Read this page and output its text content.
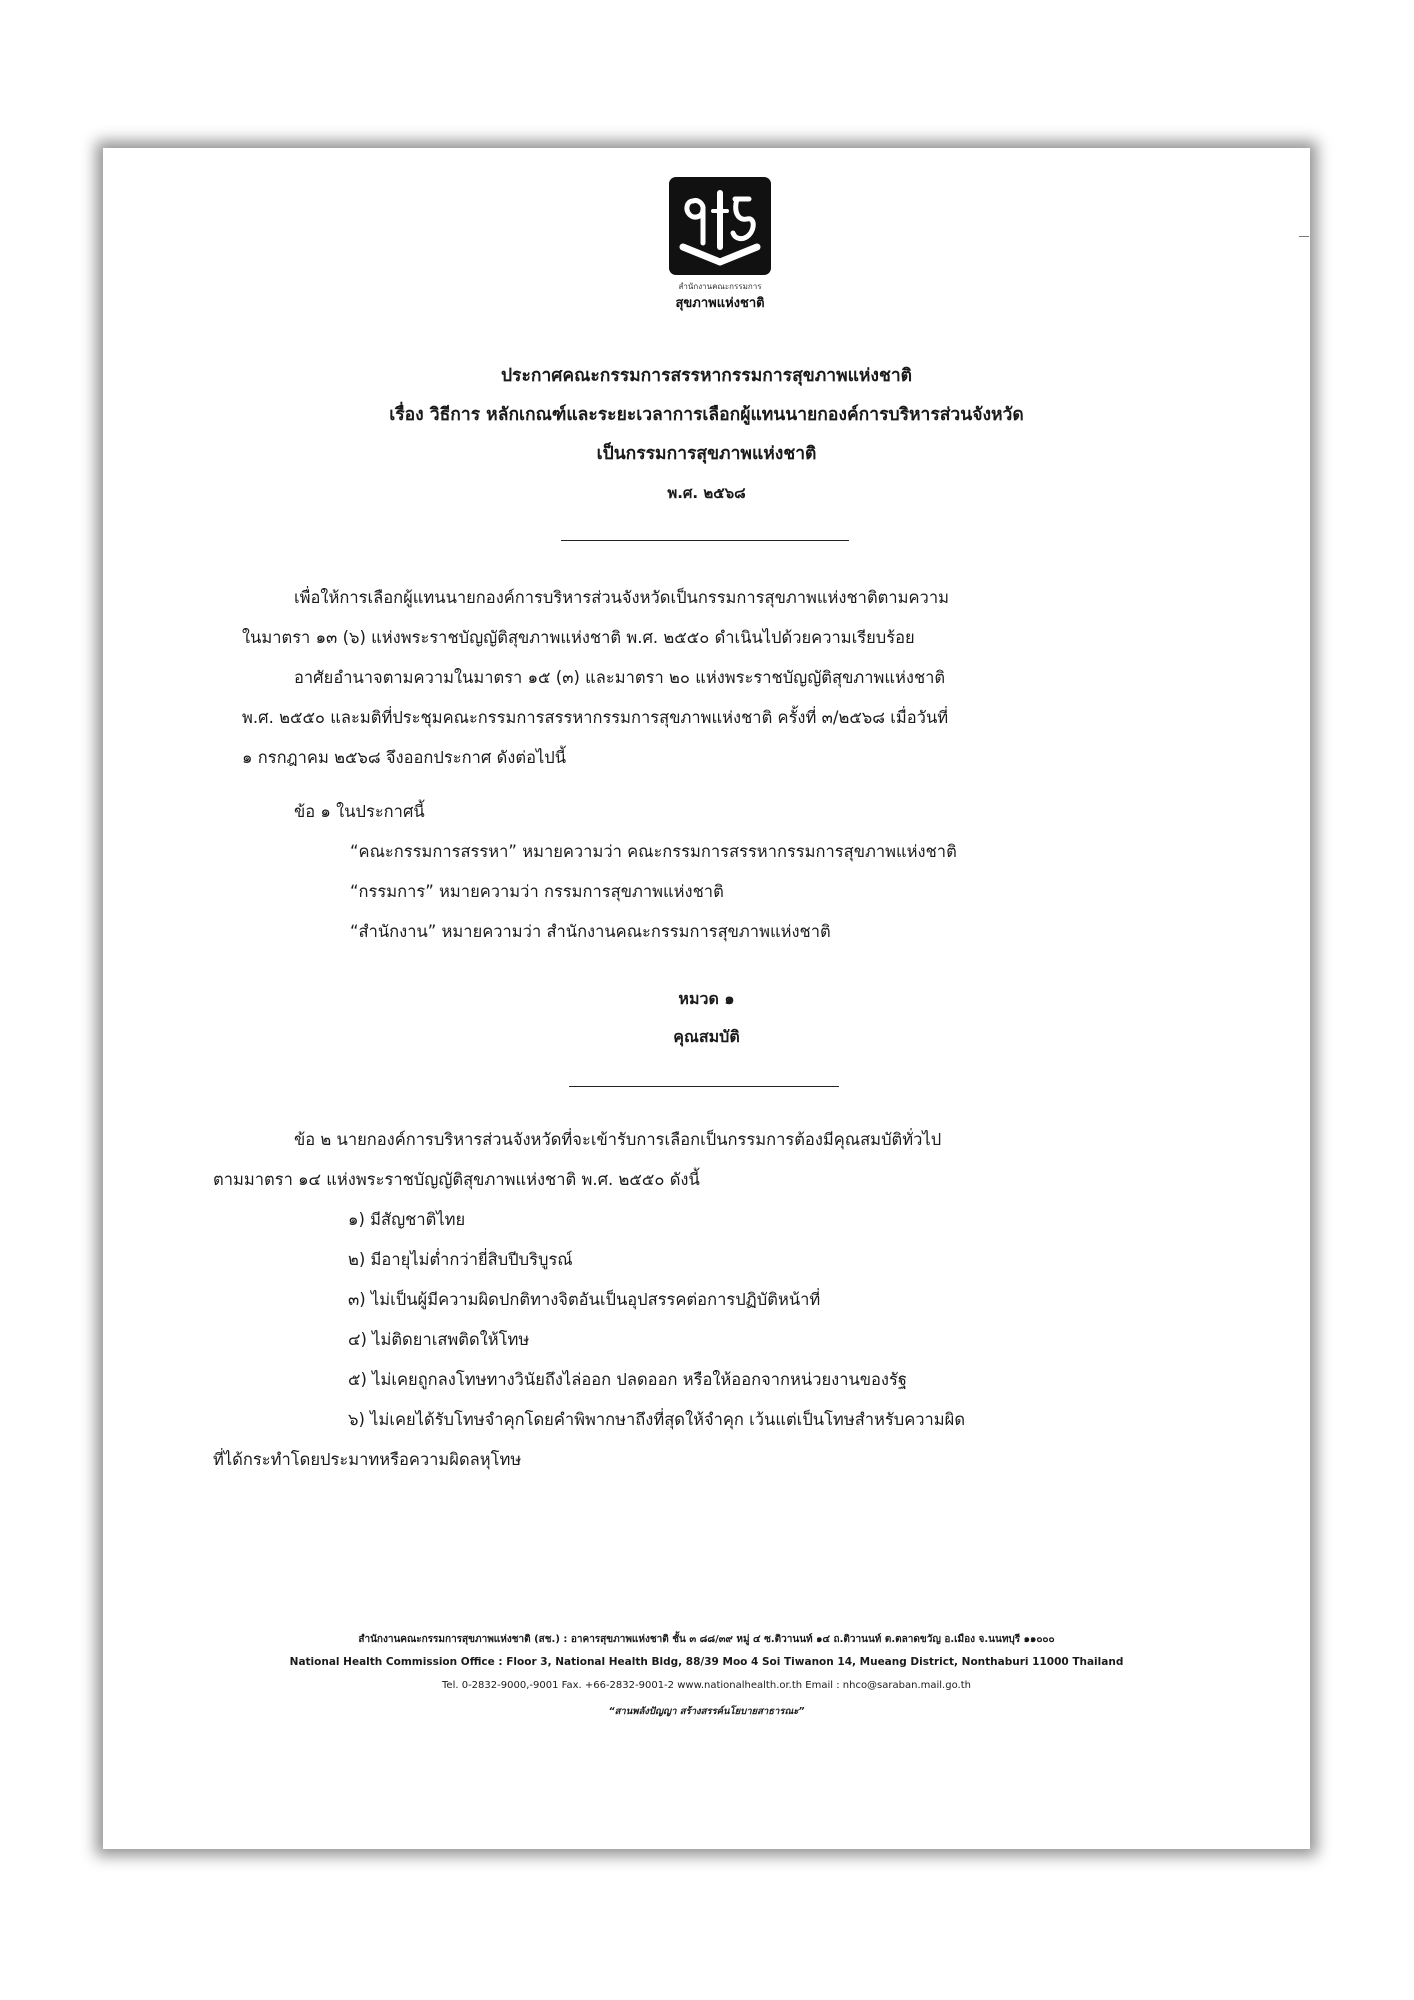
สำนักงานคณะกรรมการ
สุขภาพแห่งชาติ
ประกาศคณะกรรมการสรรหากรรมการสุขภาพแห่งชาติ
เรื่อง วิธีการ หลักเกณฑ์และระยะเวลาการเลือกผู้แทนนายกองค์การบริหารส่วนจังหวัด
เป็นกรรมการสุขภาพแห่งชาติ
พ.ศ. ๒๕๖๘
เพื่อให้การเลือกผู้แทนนายกองค์การบริหารส่วนจังหวัดเป็นกรรมการสุขภาพแห่งชาติตามความ
ในมาตรา ๑๓ (๖) แห่งพระราชบัญญัติสุขภาพแห่งชาติ พ.ศ. ๒๕๕๐ ดำเนินไปด้วยความเรียบร้อย
อาศัยอำนาจตามความในมาตรา ๑๕ (๓) และมาตรา ๒๐ แห่งพระราชบัญญัติสุขภาพแห่งชาติ
พ.ศ. ๒๕๕๐ และมติที่ประชุมคณะกรรมการสรรหากรรมการสุขภาพแห่งชาติ ครั้งที่ ๓/๒๕๖๘ เมื่อวันที่
๑ กรกฎาคม ๒๕๖๘ จึงออกประกาศ ดังต่อไปนี้
ข้อ ๑ ในประกาศนี้
“คณะกรรมการสรรหา” หมายความว่า คณะกรรมการสรรหากรรมการสุขภาพแห่งชาติ
“กรรมการ” หมายความว่า กรรมการสุขภาพแห่งชาติ
“สำนักงาน” หมายความว่า สำนักงานคณะกรรมการสุขภาพแห่งชาติ
หมวด ๑
คุณสมบัติ
ข้อ ๒ นายกองค์การบริหารส่วนจังหวัดที่จะเข้ารับการเลือกเป็นกรรมการต้องมีคุณสมบัติทั่วไป
ตามมาตรา ๑๔ แห่งพระราชบัญญัติสุขภาพแห่งชาติ พ.ศ. ๒๕๕๐ ดังนี้
๑) มีสัญชาติไทย
๒) มีอายุไม่ต่ำกว่ายี่สิบปีบริบูรณ์
๓) ไม่เป็นผู้มีความผิดปกติทางจิตอันเป็นอุปสรรคต่อการปฏิบัติหน้าที่
๔) ไม่ติดยาเสพติดให้โทษ
๕) ไม่เคยถูกลงโทษทางวินัยถึงไล่ออก ปลดออก หรือให้ออกจากหน่วยงานของรัฐ
๖) ไม่เคยได้รับโทษจำคุกโดยคำพิพากษาถึงที่สุดให้จำคุก เว้นแต่เป็นโทษสำหรับความผิด
ที่ได้กระทำโดยประมาทหรือความผิดลหุโทษ
สำนักงานคณะกรรมการสุขภาพแห่งชาติ (สช.) : อาคารสุขภาพแห่งชาติ ชั้น ๓ ๘๘/๓๙ หมู่ ๔ ซ.ติวานนท์ ๑๔ ถ.ติวานนท์ ต.ตลาดขวัญ อ.เมือง จ.นนทบุรี ๑๑๐๐๐
National Health Commission Office : Floor 3, National Health Bldg, 88/39 Moo 4 Soi Tiwanon 14, Mueang District, Nonthaburi 11000 Thailand
Tel. 0-2832-9000,-9001 Fax. +66-2832-9001-2 www.nationalhealth.or.th Email : nhco@saraban.mail.go.th
“สานพลังปัญญา สร้างสรรค์นโยบายสาธารณะ”
